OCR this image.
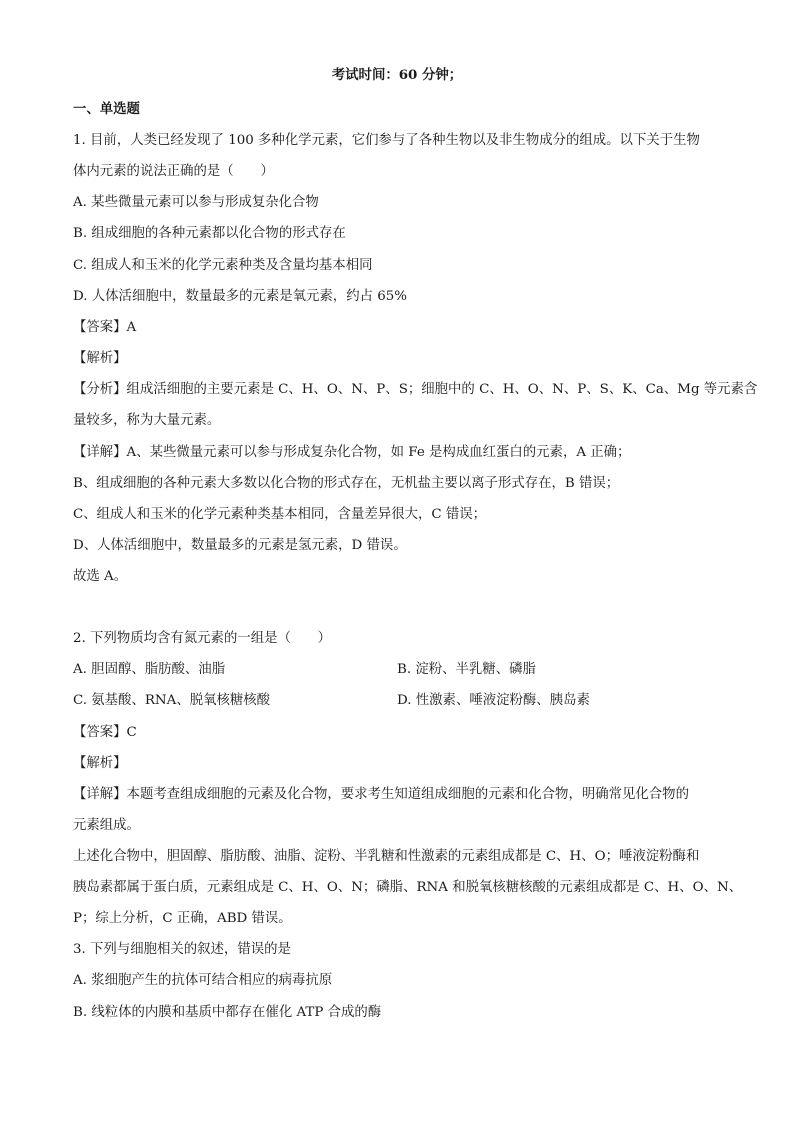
考试时间：60 分钟；
一、单选题
1. 目前，人类已经发现了 100 多种化学元素，它们参与了各种生物以及非生物成分的组成。以下关于生物
体内元素的说法正确的是（　　）
A. 某些微量元素可以参与形成复杂化合物
B. 组成细胞的各种元素都以化合物的形式存在
C. 组成人和玉米的化学元素种类及含量均基本相同
D. 人体活细胞中，数量最多的元素是氧元素，约占 65%
【答案】A
【解析】
【分析】组成活细胞的主要元素是 C、H、O、N、P、S；细胞中的 C、H、O、N、P、S、K、Ca、Mg 等元素含
量较多，称为大量元素。
【详解】A、某些微量元素可以参与形成复杂化合物，如 Fe 是构成血红蛋白的元素，A 正确；
B、组成细胞的各种元素大多数以化合物的形式存在，无机盐主要以离子形式存在，B 错误；
C、组成人和玉米的化学元素种类基本相同，含量差异很大，C 错误；
D、人体活细胞中，数量最多的元素是氢元素，D 错误。
故选 A。
2. 下列物质均含有氮元素的一组是（　　）
A. 胆固醇、脂肪酸、油脂	B. 淀粉、半乳糖、磷脂
C. 氨基酸、RNA、脱氧核糖核酸	D. 性激素、唾液淀粉酶、胰岛素
【答案】C
【解析】
【详解】本题考查组成细胞的元素及化合物，要求考生知道组成细胞的元素和化合物，明确常见化合物的
元素组成。
上述化合物中，胆固醇、脂肪酸、油脂、淀粉、半乳糖和性激素的元素组成都是 C、H、O；唾液淀粉酶和
胰岛素都属于蛋白质，元素组成是 C、H、O、N；磷脂、RNA 和脱氧核糖核酸的元素组成都是 C、H、O、N、
P；综上分析，C 正确，ABD 错误。
3. 下列与细胞相关的叙述，错误的是
A. 浆细胞产生的抗体可结合相应的病毒抗原
B. 线粒体的内膜和基质中都存在催化 ATP 合成的酶
